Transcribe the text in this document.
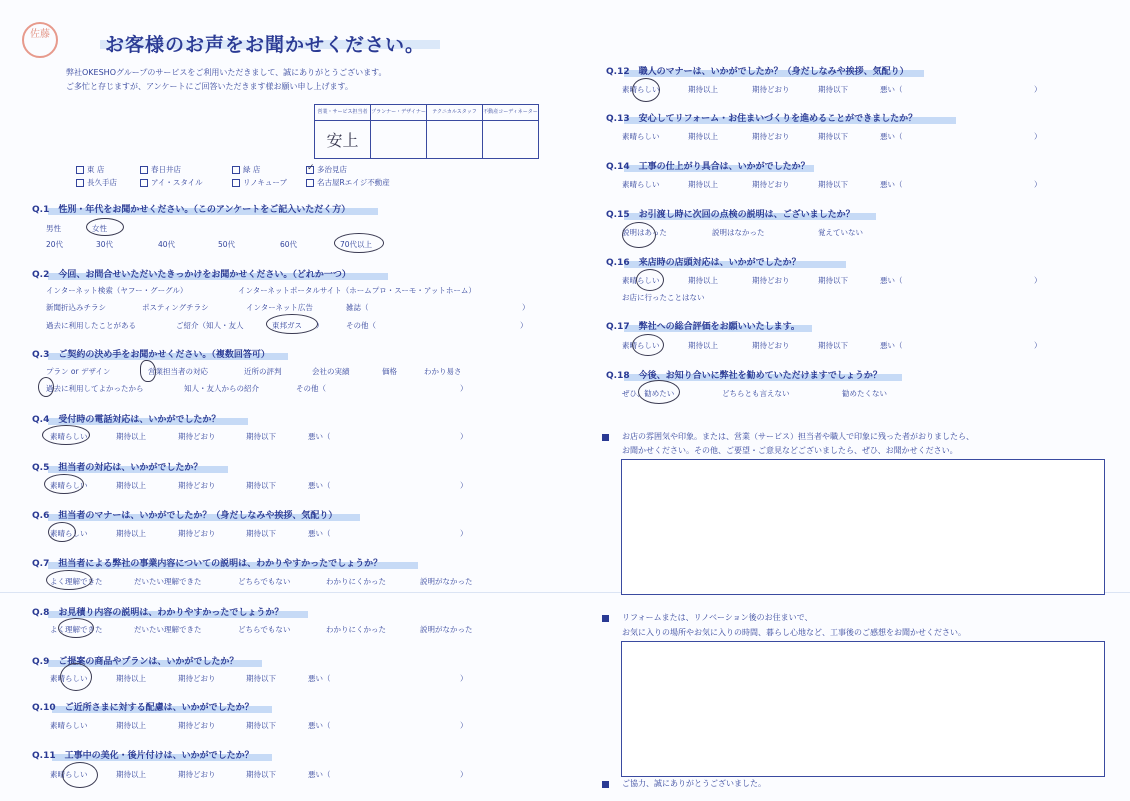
佐藤	お客様のお声をお聞かせください。
弊社OKESHOグループのサービスをご利用いただきまして、誠にありがとうございます。
ご多忙と存じますが、アンケートにご回答いただきます様お願い申し上げます。
営業・サービス担当者	プランナー・デザイナー	テクニカルスタッフ	不動産コーディネーター
安上			
東 店	春日井店	緑 店	✓ 多治見店
長久手店	アイ・スタイル	リノキューブ	名古屋Rエイジ不動産
Q.1　性別・年代をお聞かせください。（このアンケートをご記入いただく方）
男性	女性
20代	30代	40代	50代	60代	70代以上
Q.2　今回、お問合せいただいたきっかけをお聞かせください。（どれか一つ）
インターネット検索（ヤフー・グーグル）	インターネットポータルサイト（ホームプロ・スーモ・アットホーム）
新聞折込みチラシ	ポスティングチラシ	インターネット広告	雑誌（	）
過去に利用したことがある	ご紹介（知人・友人	東邦ガス ）	その他（	）
Q.3　ご契約の決め手をお聞かせください。（複数回答可）
プラン or デザイン	営業担当者の対応	近所の評判	会社の実績	価格	わかり易さ
過去に利用してよかったから	知人・友人からの紹介	その他（	）
Q.4　受付時の電話対応は、いかがでしたか？
素晴らしい	期待以上	期待どおり	期待以下	悪い（	）
Q.5　担当者の対応は、いかがでしたか？
素晴らしい	期待以上	期待どおり	期待以下	悪い（	）
Q.6　担当者のマナーは、いかがでしたか？（身だしなみや挨拶、気配り）
素晴らしい	期待以上	期待どおり	期待以下	悪い（	）
Q.7　担当者による弊社の事業内容についての説明は、わかりやすかったでしょうか？
よく理解できた	だいたい理解できた	どちらでもない	わかりにくかった	説明がなかった
Q.8　お見積り内容の説明は、わかりやすかったでしょうか？
よく理解できた	だいたい理解できた	どちらでもない	わかりにくかった	説明がなかった
Q.9　ご提案の商品やプランは、いかがでしたか？
素晴らしい	期待以上	期待どおり	期待以下	悪い（	）
Q.10　ご近所さまに対する配慮は、いかがでしたか？
素晴らしい	期待以上	期待どおり	期待以下	悪い（	）
Q.11　工事中の美化・後片付けは、いかがでしたか？
素晴らしい	期待以上	期待どおり	期待以下	悪い（	）
Q.12　職人のマナーは、いかがでしたか？（身だしなみや挨拶、気配り）
素晴らしい	期待以上	期待どおり	期待以下	悪い（	）
Q.13　安心してリフォーム・お住まいづくりを進めることができましたか？
素晴らしい	期待以上	期待どおり	期待以下	悪い（	）
Q.14　工事の仕上がり具合は、いかがでしたか？
素晴らしい	期待以上	期待どおり	期待以下	悪い（	）
Q.15　お引渡し時に次回の点検の説明は、ございましたか？
説明はあった	説明はなかった	覚えていない
Q.16　来店時の店頭対応は、いかがでしたか？
素晴らしい	期待以上	期待どおり	期待以下	悪い（	）
お店に行ったことはない
Q.17　弊社への総合評価をお願いいたします。
素晴らしい	期待以上	期待どおり	期待以下	悪い（	）
Q.18　今後、お知り合いに弊社を勧めていただけますでしょうか？
ぜひ、勧めたい	どちらとも言えない	勧めたくない
お店の雰囲気や印象。または、営業（サービス）担当者や職人で印象に残った者がおりましたら、
お聞かせください。その他、ご要望・ご意見などございましたら、ぜひ、お聞かせください。
リフォームまたは、リノベーション後のお住まいで、
お気に入りの場所やお気に入りの時間、暮らし心地など、工事後のご感想をお聞かせください。
ご協力、誠にありがとうございました。
